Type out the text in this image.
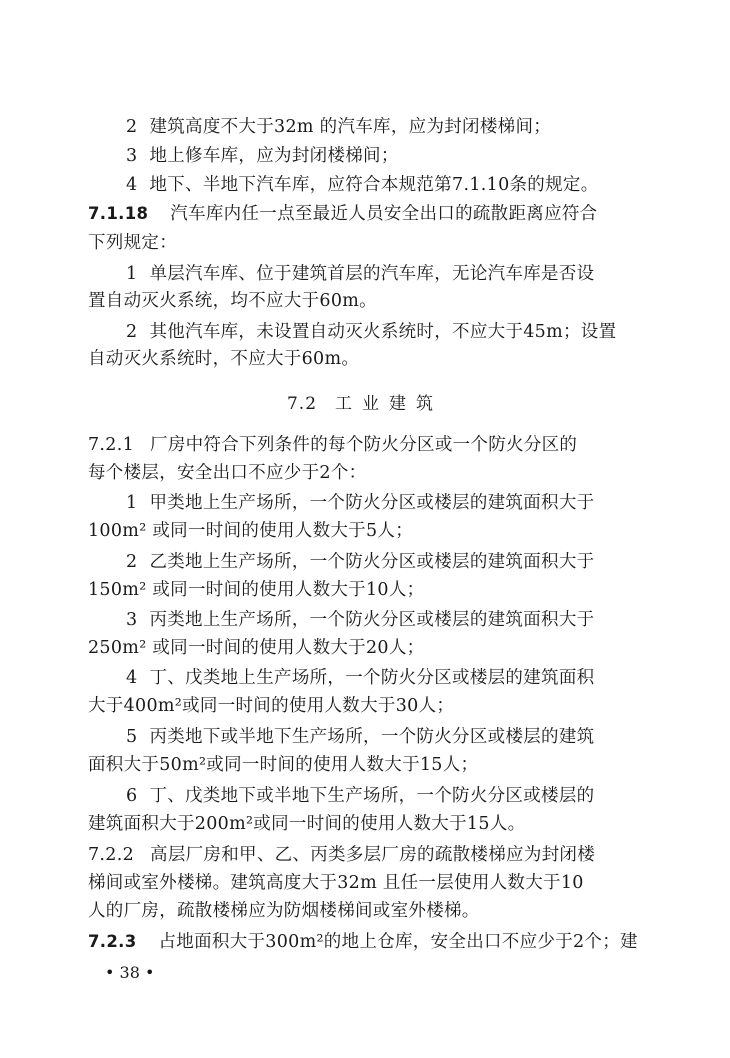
2 建筑高度不大于32m 的汽车库，应为封闭楼梯间；
3 地上修车库，应为封闭楼梯间；
4 地下、半地下汽车库，应符合本规范第7.1.10条的规定。
7.1.18 汽车库内任一点至最近人员安全出口的疏散距离应符合
下列规定：
1 单层汽车库、位于建筑首层的汽车库，无论汽车库是否设
置自动灭火系统，均不应大于60m。
2 其他汽车库，未设置自动灭火系统时，不应大于45m；设置
自动灭火系统时，不应大于60m。
7.2 工业建筑
7.2.1 厂房中符合下列条件的每个防火分区或一个防火分区的
每个楼层，安全出口不应少于2个：
1 甲类地上生产场所，一个防火分区或楼层的建筑面积大于
100m² 或同一时间的使用人数大于5人；
2 乙类地上生产场所，一个防火分区或楼层的建筑面积大于
150m² 或同一时间的使用人数大于10人；
3 丙类地上生产场所，一个防火分区或楼层的建筑面积大于
250m² 或同一时间的使用人数大于20人；
4 丁、戊类地上生产场所，一个防火分区或楼层的建筑面积
大于400m²或同一时间的使用人数大于30人；
5 丙类地下或半地下生产场所，一个防火分区或楼层的建筑
面积大于50m²或同一时间的使用人数大于15人；
6 丁、戊类地下或半地下生产场所，一个防火分区或楼层的
建筑面积大于200m²或同一时间的使用人数大于15人。
7.2.2 高层厂房和甲、乙、丙类多层厂房的疏散楼梯应为封闭楼
梯间或室外楼梯。建筑高度大于32m 且任一层使用人数大于10
人的厂房，疏散楼梯应为防烟楼梯间或室外楼梯。
7.2.3 占地面积大于300m²的地上仓库，安全出口不应少于2个；建
• 38 •
